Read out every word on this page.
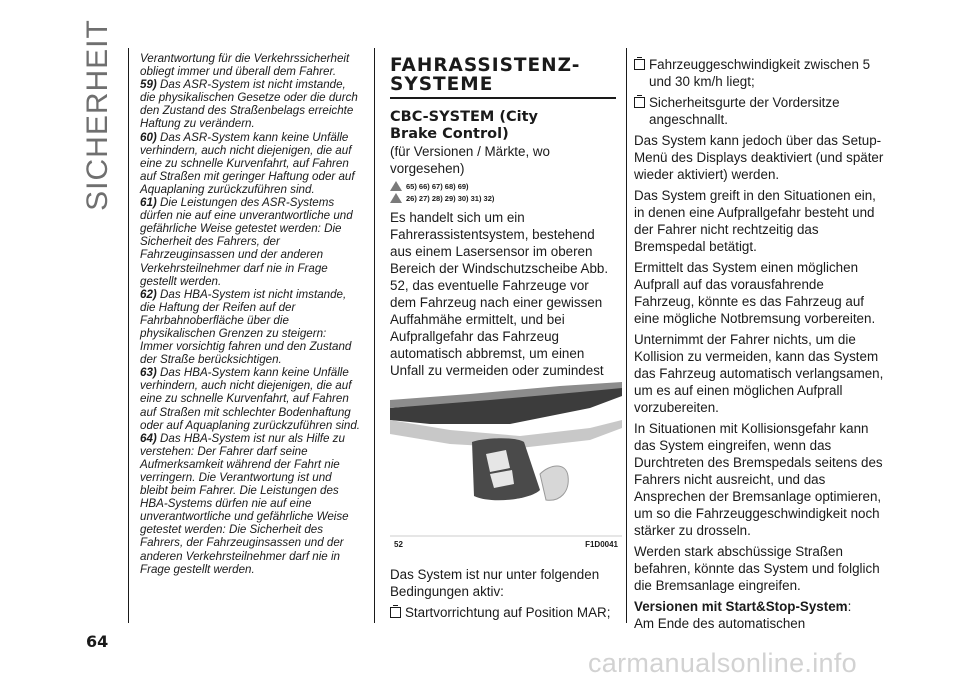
SICHERHEIT Verantwortung für die Verkehrssicherheit obliegt immer und überall dem Fahrer.

59) Das ASR-System ist nicht imstande, die physikalischen Gesetze oder die durch den Zustand des Straßenbelags erreichte Haftung zu verändern.

60) Das ASR-System kann keine Unfälle verhindern, auch nicht diejenigen, die auf eine zu schnelle Kurvenfahrt, auf Fahren auf Straßen mit geringer Haftung oder auf Aquaplaning zurückzuführen sind.

61) Die Leistungen des ASR-Systems dürfen nie auf eine unverantwortliche und gefährliche Weise getestet werden: Die Sicherheit des Fahrers, der Fahrzeuginsassen und der anderen Verkehrsteilnehmer darf nie in Frage gestellt werden.

62) Das HBA-System ist nicht imstande, die Haftung der Reifen auf der Fahrbahnoberfläche über die physikalischen Grenzen zu steigern: Immer vorsichtig fahren und den Zustand der Straße berücksichtigen.

63) Das HBA-System kann keine Unfälle verhindern, auch nicht diejenigen, die auf eine zu schnelle Kurvenfahrt, auf Fahren auf Straßen mit schlechter Bodenhaftung oder auf Aquaplaning zurückzuführen sind.

64) Das HBA-System ist nur als Hilfe zu verstehen: Der Fahrer darf seine Aufmerksamkeit während der Fahrt nie verringern. Die Verantwortung ist und bleibt beim Fahrer. Die Leistungen des HBA-Systems dürfen nie auf eine unverantwortliche und gefährliche Weise getestet werden: Die Sicherheit des Fahrers, der Fahrzeuginsassen und der anderen Verkehrsteilnehmer darf nie in Frage gestellt werden.

FAHRASSISTENZ-
SYSTEME
CBC-SYSTEM (City
Brake Control)

(für Versionen / Märkte, wo vorgesehen)

65) 66) 67) 68) 69)
26) 27) 28) 29) 30) 31) 32)

Es handelt sich um ein Fahrerassistentsystem, bestehend aus einem Lasersensor im oberen Bereich der Windschutzscheibe Abb. 52, das eventuelle Fahrzeuge vor dem Fahrzeug nach einer gewissen Auffahmähe ermittelt, und bei Aufprallgefahr das Fahrzeug automatisch abbremst, um einen Unfall zu vermeiden oder zumindest

52	F1D0041

Das System ist nur unter folgenden Bedingungen aktiv:

Startvorrichtung auf Position MAR;
Fahrzeuggeschwindigkeit zwischen 5 und 30 km/h liegt;
Sicherheitsgurte der Vordersitze angeschnallt.

Das System kann jedoch über das Setup-Menü des Displays deaktiviert (und später wieder aktiviert) werden.

Das System greift in den Situationen ein, in denen eine Aufprallgefahr besteht und der Fahrer nicht rechtzeitig das Bremspedal betätigt.

Ermittelt das System einen möglichen Aufprall auf das vorausfahrende Fahrzeug, könnte es das Fahrzeug auf eine mögliche Notbremsung vorbereiten.

Unternimmt der Fahrer nichts, um die Kollision zu vermeiden, kann das System das Fahrzeug automatisch verlangsamen, um es auf einen möglichen Aufprall vorzubereiten.

In Situationen mit Kollisionsgefahr kann das System eingreifen, wenn das Durchtreten des Bremspedals seitens des Fahrers nicht ausreicht, und das Ansprechen der Bremsanlage optimieren, um so die Fahrzeuggeschwindigkeit noch stärker zu drosseln.

Werden stark abschüssige Straßen befahren, könnte das System und folglich die Bremsanlage eingreifen.

Versionen mit Start&Stop-System:

Am Ende des automatischen

64
carmanualsonline.info
